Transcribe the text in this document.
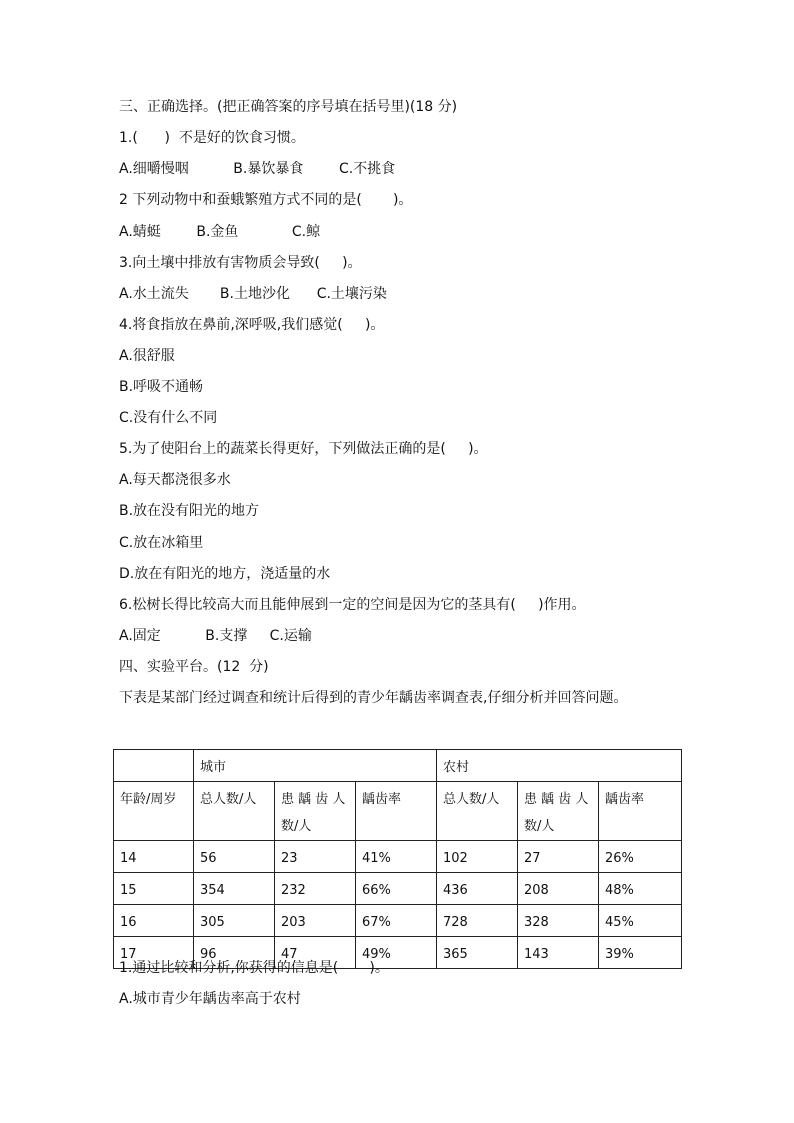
三、正确选择。(把正确答案的序号填在括号里)(18 分)
1.(      )  不是好的饮食习惯。
A.细嚼慢咽          B.暴饮暴食        C.不挑食
2 下列动物中和蚕蛾繁殖方式不同的是(       )。
A.蜻蜓        B.金鱼            C.鲸
3.向土壤中排放有害物质会导致(     )。
A.水土流失       B.土地沙化      C.土壤污染
4.将食指放在鼻前,深呼吸,我们感觉(     )。
A.很舒服
B.呼吸不通畅
C.没有什么不同
5.为了使阳台上的蔬菜长得更好，下列做法正确的是(     )。
A.每天都浇很多水
B.放在没有阳光的地方
C.放在冰箱里
D.放在有阳光的地方，浇适量的水
6.松树长得比较高大而且能伸展到一定的空间是因为它的茎具有(     )作用。
A.固定          B.支撑     C.运输
四、实验平台。(12  分)
下表是某部门经过调查和统计后得到的青少年龋齿率调查表,仔细分析并回答问题。
	城市			农村		
年龄/周岁	总人数/人	患 龋 齿 人 数/人	龋齿率	总人数/人	患 龋 齿 人 数/人	龋齿率
14	56	23	41%	102	27	26%
15	354	232	66%	436	208	48%
16	305	203	67%	728	328	45%
17	96	47	49%	365	143	39%
1.通过比较和分析,你获得的信息是(       )。
A.城市青少年龋齿率高于农村
